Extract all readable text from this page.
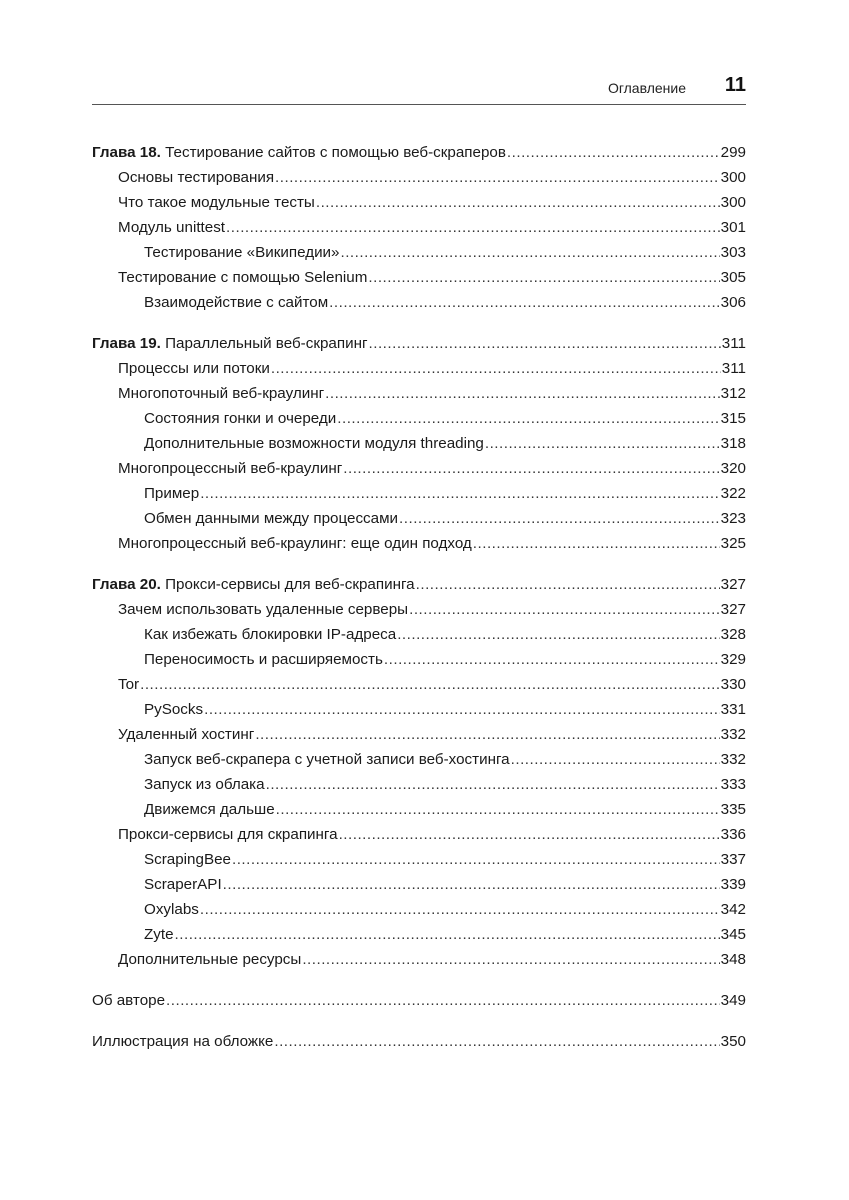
Оглавление 11
Глава 18. Тестирование сайтов с помощью веб-скраперов .....	299
Основы тестирования .....	300
Что такое модульные тесты .....	300
Модуль unittest .....	301
Тестирование «Википедии» .....	303
Тестирование с помощью Selenium .....	305
Взаимодействие с сайтом .....	306
Глава 19. Параллельный веб-скрапинг .....	311
Процессы или потоки .....	311
Многопоточный веб-краулинг .....	312
Состояния гонки и очереди .....	315
Дополнительные возможности модуля threading .....	318
Многопроцессный веб-краулинг .....	320
Пример .....	322
Обмен данными между процессами .....	323
Многопроцессный веб-краулинг: еще один подход .....	325
Глава 20. Прокси-сервисы для веб-скрапинга .....	327
Зачем использовать удаленные серверы .....	327
Как избежать блокировки IP-адреса .....	328
Переносимость и расширяемость .....	329
Tor .....	330
PySocks .....	331
Удаленный хостинг .....	332
Запуск веб-скрапера с учетной записи веб-хостинга .....	332
Запуск из облака .....	333
Движемся дальше .....	335
Прокси-сервисы для скрапинга .....	336
ScrapingBee .....	337
ScraperAPI .....	339
Oxylabs .....	342
Zyte .....	345
Дополнительные ресурсы .....	348
Об авторе .....	349
Иллюстрация на обложке .....	350
